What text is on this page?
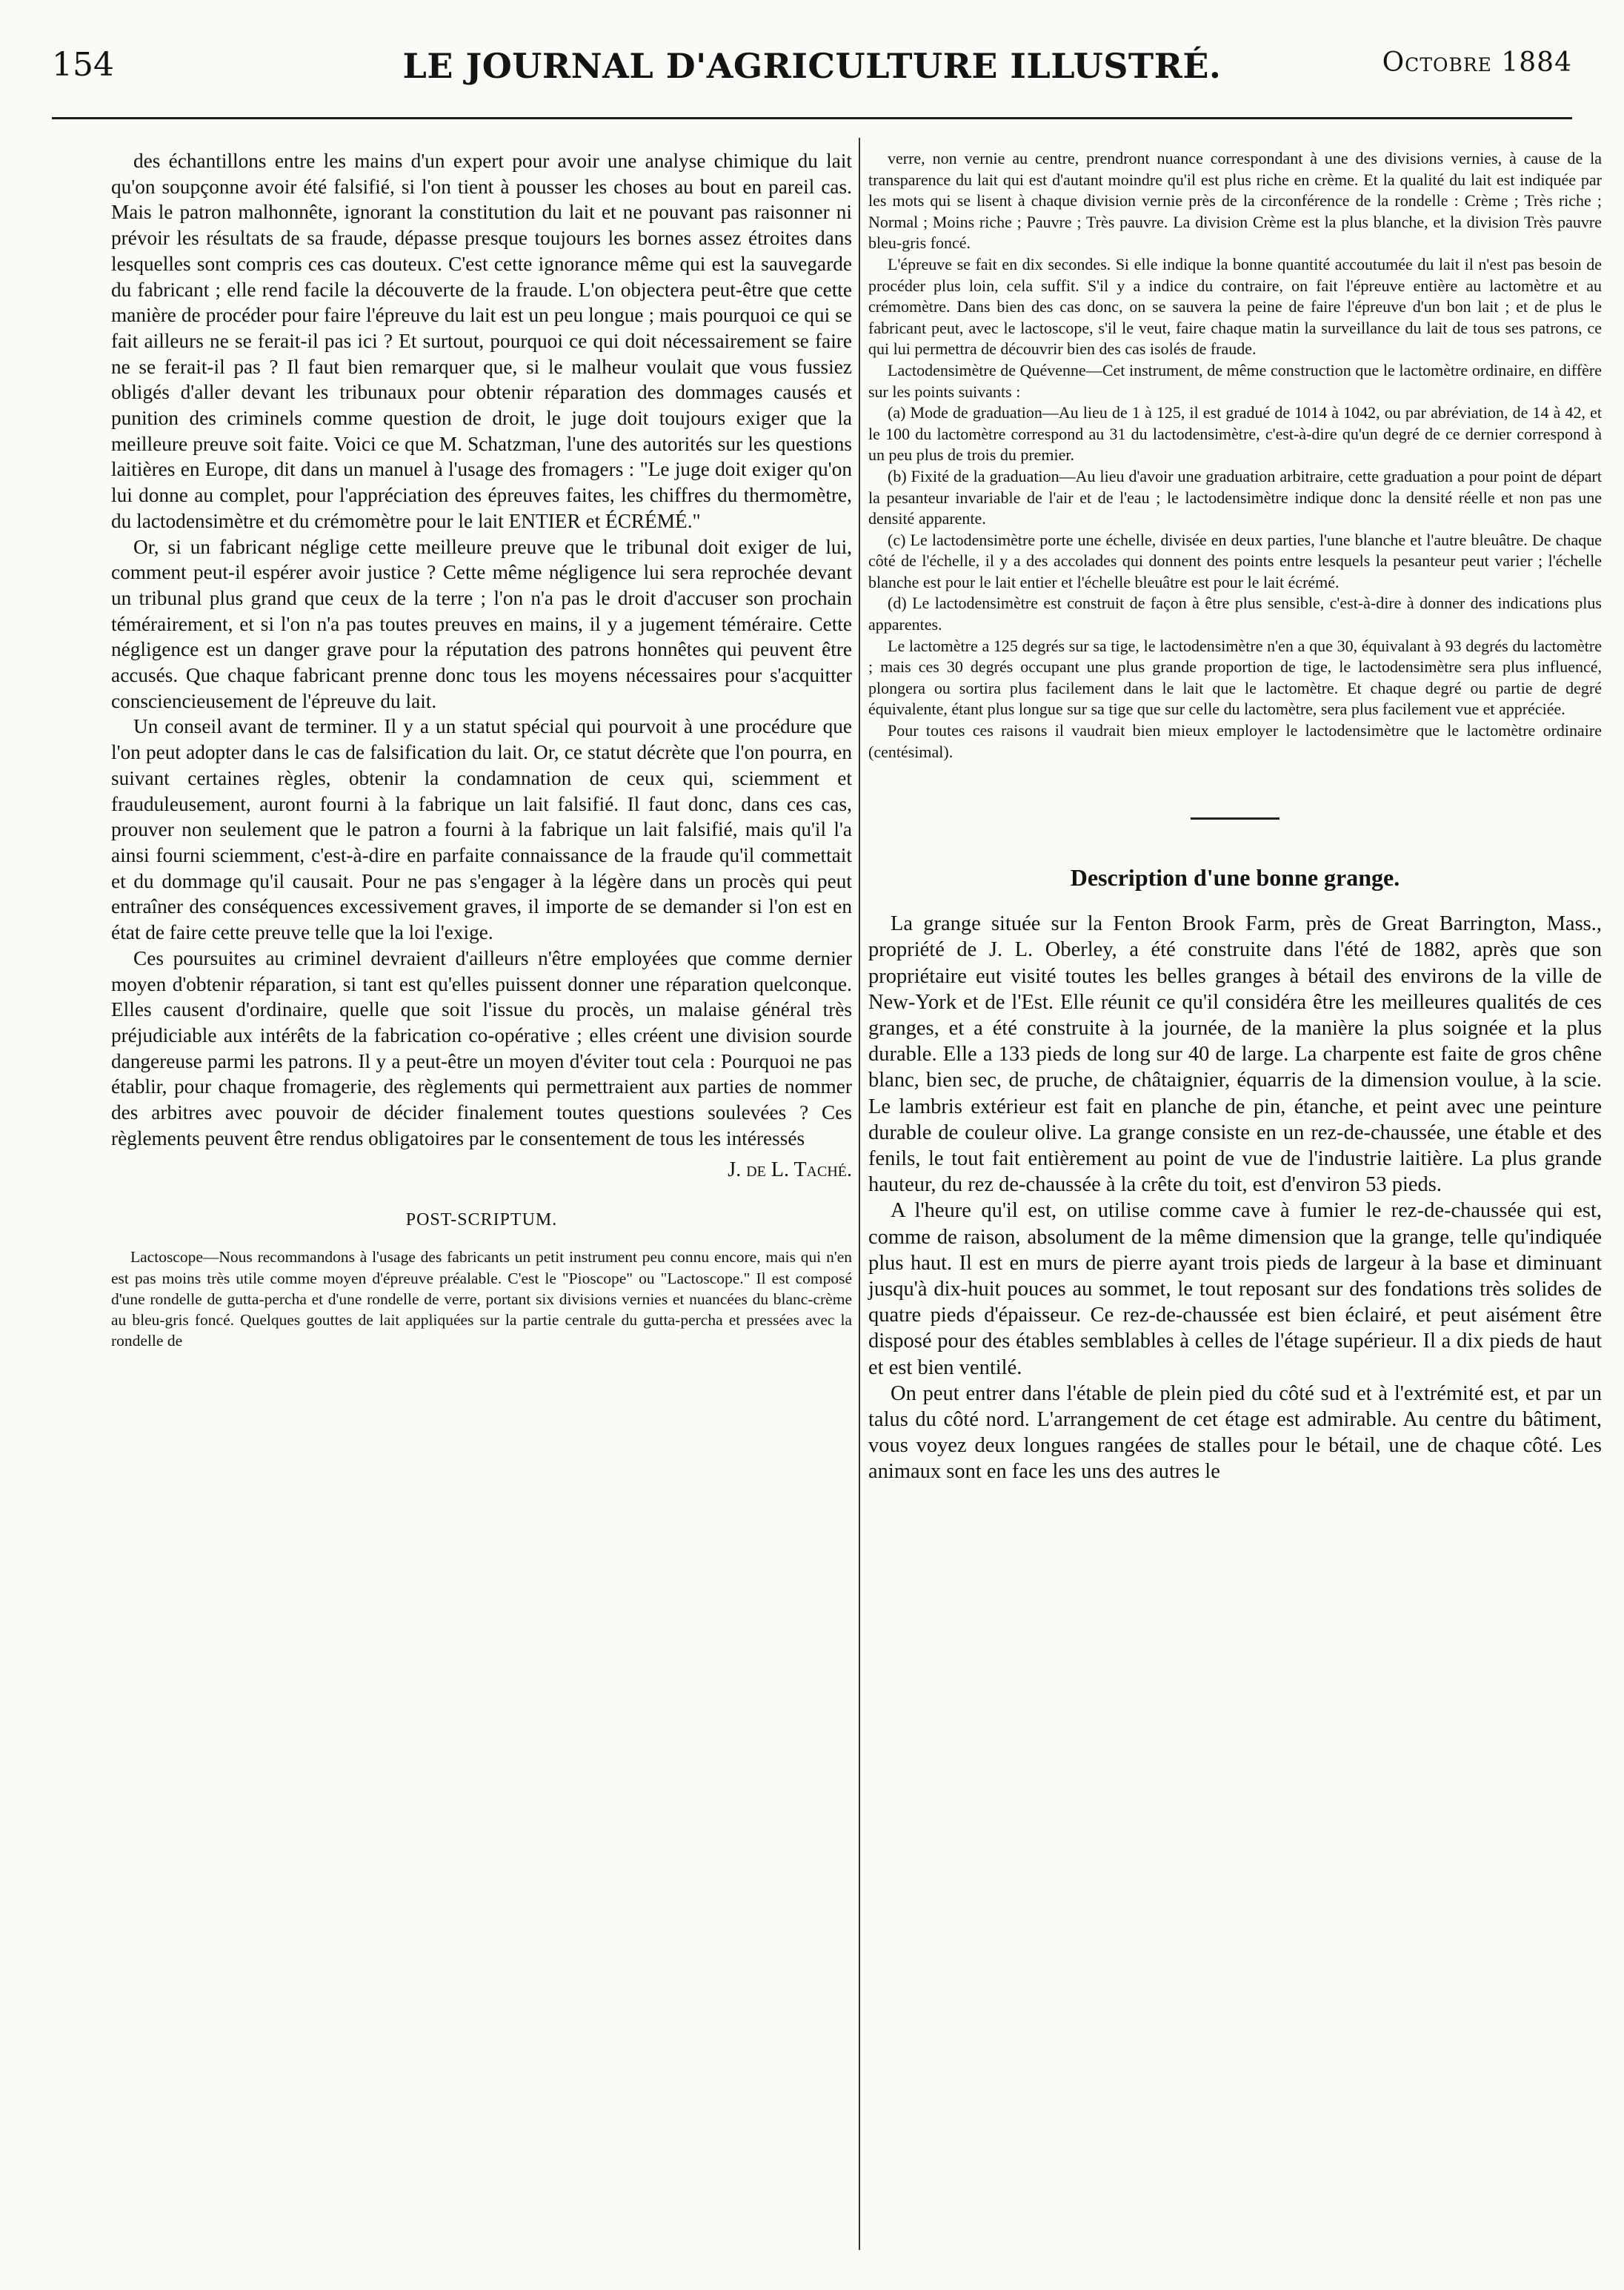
154	LE JOURNAL D'AGRICULTURE ILLUSTRÉ.	Octobre 1884

des échantillons entre les mains d'un expert pour avoir une analyse chimique du lait qu'on soupçonne avoir été falsifié, si l'on tient à pousser les choses au bout en pareil cas. Mais le patron malhonnête, ignorant la constitution du lait et ne pouvant pas raisonner ni prévoir les résultats de sa fraude, dépasse presque toujours les bornes assez étroites dans lesquelles sont compris ces cas douteux. C'est cette ignorance même qui est la sauvegarde du fabricant ; elle rend facile la découverte de la fraude. L'on objectera peut-être que cette manière de procéder pour faire l'épreuve du lait est un peu longue ; mais pourquoi ce qui se fait ailleurs ne se ferait-il pas ici ? Et surtout, pourquoi ce qui doit nécessairement se faire ne se ferait-il pas ? Il faut bien remarquer que, si le malheur voulait que vous fussiez obligés d'aller devant les tribunaux pour obtenir réparation des dommages causés et punition des criminels comme question de droit, le juge doit toujours exiger que la meilleure preuve soit faite. Voici ce que M. Schatzman, l'une des autorités sur les questions laitières en Europe, dit dans un manuel à l'usage des fromagers : "Le juge doit exiger qu'on lui donne au complet, pour l'appréciation des épreuves faites, les chiffres du thermomètre, du lactodensimètre et du crémomètre pour le lait ENTIER et ÉCRÉMÉ."

Or, si un fabricant néglige cette meilleure preuve que le tribunal doit exiger de lui, comment peut-il espérer avoir justice ? Cette même négligence lui sera reprochée devant un tribunal plus grand que ceux de la terre ; l'on n'a pas le droit d'accuser son prochain témérairement, et si l'on n'a pas toutes preuves en mains, il y a jugement téméraire. Cette négligence est un danger grave pour la réputation des patrons honnêtes qui peuvent être accusés. Que chaque fabricant prenne donc tous les moyens nécessaires pour s'acquitter consciencieusement de l'épreuve du lait.

Un conseil avant de terminer. Il y a un statut spécial qui pourvoit à une procédure que l'on peut adopter dans le cas de falsification du lait. Or, ce statut décrète que l'on pourra, en suivant certaines règles, obtenir la condamnation de ceux qui, sciemment et frauduleusement, auront fourni à la fabrique un lait falsifié. Il faut donc, dans ces cas, prouver non seulement que le patron a fourni à la fabrique un lait falsifié, mais qu'il l'a ainsi fourni sciemment, c'est-à-dire en parfaite connaissance de la fraude qu'il commettait et du dommage qu'il causait. Pour ne pas s'engager à la légère dans un procès qui peut entraîner des conséquences excessivement graves, il importe de se demander si l'on est en état de faire cette preuve telle que la loi l'exige.

Ces poursuites au criminel devraient d'ailleurs n'être employées que comme dernier moyen d'obtenir réparation, si tant est qu'elles puissent donner une réparation quelconque. Elles causent d'ordinaire, quelle que soit l'issue du procès, un malaise général très préjudiciable aux intérêts de la fabrication co-opérative ; elles créent une division sourde dangereuse parmi les patrons. Il y a peut-être un moyen d'éviter tout cela : Pourquoi ne pas établir, pour chaque fromagerie, des règlements qui permettraient aux parties de nommer des arbitres avec pouvoir de décider finalement toutes questions soulevées ? Ces règlements peuvent être rendus obligatoires par le consentement de tous les intéressés

J. de L. Taché.
POST-SCRIPTUM.

Lactoscope—Nous recommandons à l'usage des fabricants un petit instrument peu connu encore, mais qui n'en est pas moins très utile comme moyen d'épreuve préalable. C'est le "Pioscope" ou "Lactoscope." Il est composé d'une rondelle de gutta-percha et d'une rondelle de verre, portant six divisions vernies et nuancées du blanc-crème au bleu-gris foncé. Quelques gouttes de lait appliquées sur la partie centrale du gutta-percha et pressées avec la rondelle de

verre, non vernie au centre, prendront nuance correspondant à une des divisions vernies, à cause de la transparence du lait qui est d'autant moindre qu'il est plus riche en crème. Et la qualité du lait est indiquée par les mots qui se lisent à chaque division vernie près de la circonférence de la rondelle : Crème ; Très riche ; Normal ; Moins riche ; Pauvre ; Très pauvre. La division Crème est la plus blanche, et la division Très pauvre bleu-gris foncé.

L'épreuve se fait en dix secondes. Si elle indique la bonne quantité accoutumée du lait il n'est pas besoin de procéder plus loin, cela suffit. S'il y a indice du contraire, on fait l'épreuve entière au lactomètre et au crémomètre. Dans bien des cas donc, on se sauvera la peine de faire l'épreuve d'un bon lait ; et de plus le fabricant peut, avec le lactoscope, s'il le veut, faire chaque matin la surveillance du lait de tous ses patrons, ce qui lui permettra de découvrir bien des cas isolés de fraude.

Lactodensimètre de Quévenne—Cet instrument, de même construction que le lactomètre ordinaire, en diffère sur les points suivants :

(a) Mode de graduation—Au lieu de 1 à 125, il est gradué de 1014 à 1042, ou par abréviation, de 14 à 42, et le 100 du lactomètre correspond au 31 du lactodensimètre, c'est-à-dire qu'un degré de ce dernier correspond à un peu plus de trois du premier.

(b) Fixité de la graduation—Au lieu d'avoir une graduation arbitraire, cette graduation a pour point de départ la pesanteur invariable de l'air et de l'eau ; le lactodensimètre indique donc la densité réelle et non pas une densité apparente.

(c) Le lactodensimètre porte une échelle, divisée en deux parties, l'une blanche et l'autre bleuâtre. De chaque côté de l'échelle, il y a des accolades qui donnent des points entre lesquels la pesanteur peut varier ; l'échelle blanche est pour le lait entier et l'échelle bleuâtre est pour le lait écrémé.

(d) Le lactodensimètre est construit de façon à être plus sensible, c'est-à-dire à donner des indications plus apparentes.

Le lactomètre a 125 degrés sur sa tige, le lactodensimètre n'en a que 30, équivalant à 93 degrés du lactomètre ; mais ces 30 degrés occupant une plus grande proportion de tige, le lactodensimètre sera plus influencé, plongera ou sortira plus facilement dans le lait que le lactomètre. Et chaque degré ou partie de degré équivalente, étant plus longue sur sa tige que sur celle du lactomètre, sera plus facilement vue et appréciée.

Pour toutes ces raisons il vaudrait bien mieux employer le lactodensimètre que le lactomètre ordinaire (centésimal).

Description d'une bonne grange.

La grange située sur la Fenton Brook Farm, près de Great Barrington, Mass., propriété de J. L. Oberley, a été construite dans l'été de 1882, après que son propriétaire eut visité toutes les belles granges à bétail des environs de la ville de New-York et de l'Est. Elle réunit ce qu'il considéra être les meilleures qualités de ces granges, et a été construite à la journée, de la manière la plus soignée et la plus durable. Elle a 133 pieds de long sur 40 de large. La charpente est faite de gros chêne blanc, bien sec, de pruche, de châtaignier, équarris de la dimension voulue, à la scie. Le lambris extérieur est fait en planche de pin, étanche, et peint avec une peinture durable de couleur olive. La grange consiste en un rez-de-chaussée, une étable et des fenils, le tout fait entièrement au point de vue de l'industrie laitière. La plus grande hauteur, du rez de-chaussée à la crête du toit, est d'environ 53 pieds.

A l'heure qu'il est, on utilise comme cave à fumier le rez-de-chaussée qui est, comme de raison, absolument de la même dimension que la grange, telle qu'indiquée plus haut. Il est en murs de pierre ayant trois pieds de largeur à la base et diminuant jusqu'à dix-huit pouces au sommet, le tout reposant sur des fondations très solides de quatre pieds d'épaisseur. Ce rez-de-chaussée est bien éclairé, et peut aisément être disposé pour des étables semblables à celles de l'étage supérieur. Il a dix pieds de haut et est bien ventilé.

On peut entrer dans l'étable de plein pied du côté sud et à l'extrémité est, et par un talus du côté nord. L'arrangement de cet étage est admirable. Au centre du bâtiment, vous voyez deux longues rangées de stalles pour le bétail, une de chaque côté. Les animaux sont en face les uns des autres le
